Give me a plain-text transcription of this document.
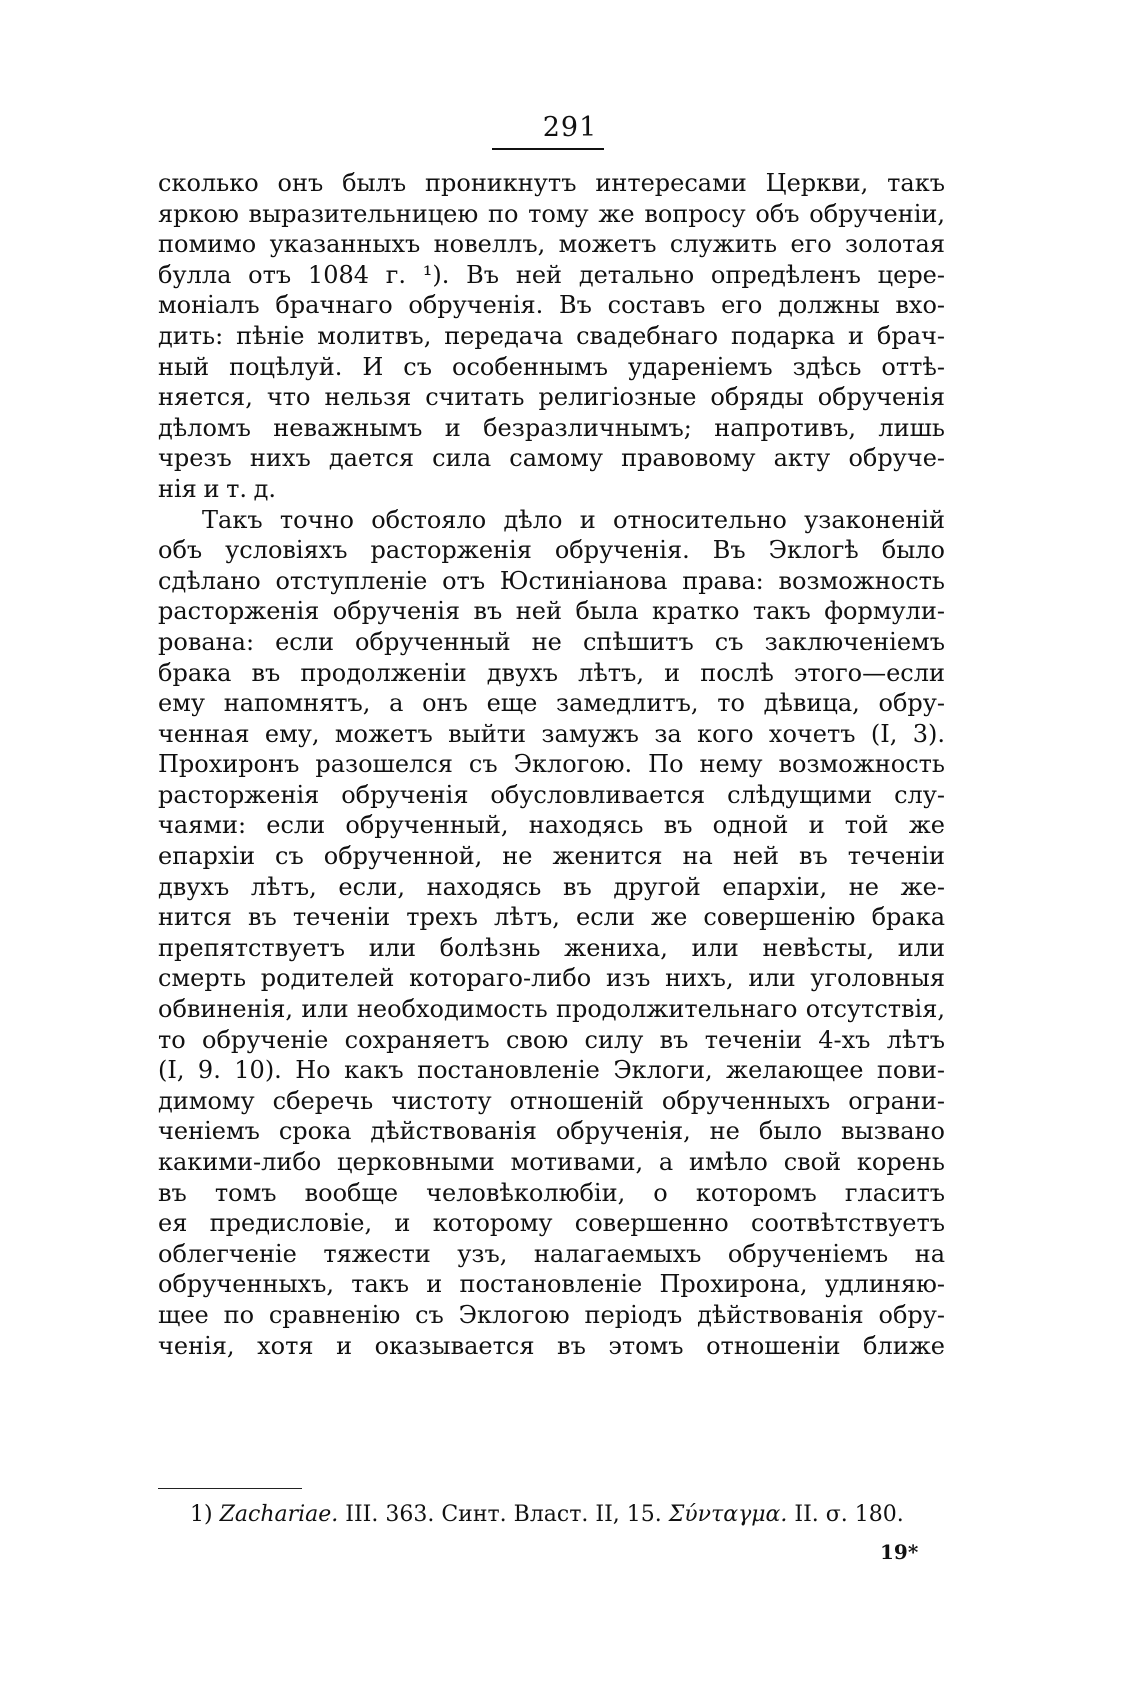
291
сколько онъ былъ проникнутъ интересами Церкви, такъ
яркою выразительницею по тому же вопросу объ обрученіи,
помимо указанныхъ новеллъ, можетъ служить его золотая
булла отъ 1084 г. ¹). Въ ней детально опредѣленъ цере-
моніалъ брачнаго обрученія. Въ составъ его должны вхо-
дить: пѣніе молитвъ, передача свадебнаго подарка и брач-
ный поцѣлуй. И съ особеннымъ удареніемъ здѣсь оттѣ-
няется, что нельзя считать религіозные обряды обрученія
дѣломъ неважнымъ и безразличнымъ; напротивъ, лишь
чрезъ нихъ дается сила самому правовому акту обруче-
нія и т. д.
Такъ точно обстояло дѣло и относительно узаконеній
объ условіяхъ расторженія обрученія. Въ Эклогѣ было
сдѣлано отступленіе отъ Юстиніанова права: возможность
расторженія обрученія въ ней была кратко такъ формули-
рована: если обрученный не спѣшитъ съ заключеніемъ
брака въ продолженіи двухъ лѣтъ, и послѣ этого—если
ему напомнятъ, а онъ еще замедлитъ, то дѣвица, обру-
ченная ему, можетъ выйти замужъ за кого хочетъ (I, 3).
Прохиронъ разошелся съ Эклогою. По нему возможность
расторженія обрученія обусловливается слѣдущими слу-
чаями: если обрученный, находясь въ одной и той же
епархіи съ обрученной, не женится на ней въ теченіи
двухъ лѣтъ, если, находясь въ другой епархіи, не же-
нится въ теченіи трехъ лѣтъ, если же совершенію брака
препятствуетъ или болѣзнь жениха, или невѣсты, или
смерть родителей котораго-либо изъ нихъ, или уголовныя
обвиненія, или необходимость продолжительнаго отсутствія,
то обрученіе сохраняетъ свою силу въ теченіи 4-хъ лѣтъ
(I, 9. 10). Но какъ постановленіе Эклоги, желающее пови-
димому сберечь чистоту отношеній обрученныхъ ограни-
ченіемъ срока дѣйствованія обрученія, не было вызвано
какими-либо церковными мотивами, а имѣло свой корень
въ томъ вообще человѣколюбіи, о которомъ гласитъ
ея предисловіе, и которому совершенно соотвѣтствуетъ
облегченіе тяжести узъ, налагаемыхъ обрученіемъ на
обрученныхъ, такъ и постановленіе Прохирона, удлиняю-
щее по сравненію съ Эклогою періодъ дѣйствованія обру-
ченія, хотя и оказывается въ этомъ отношеніи ближе
1) Zachariae. III. 363. Синт. Власт. II, 15. Σύνταγμα. II. σ. 180.
19*
